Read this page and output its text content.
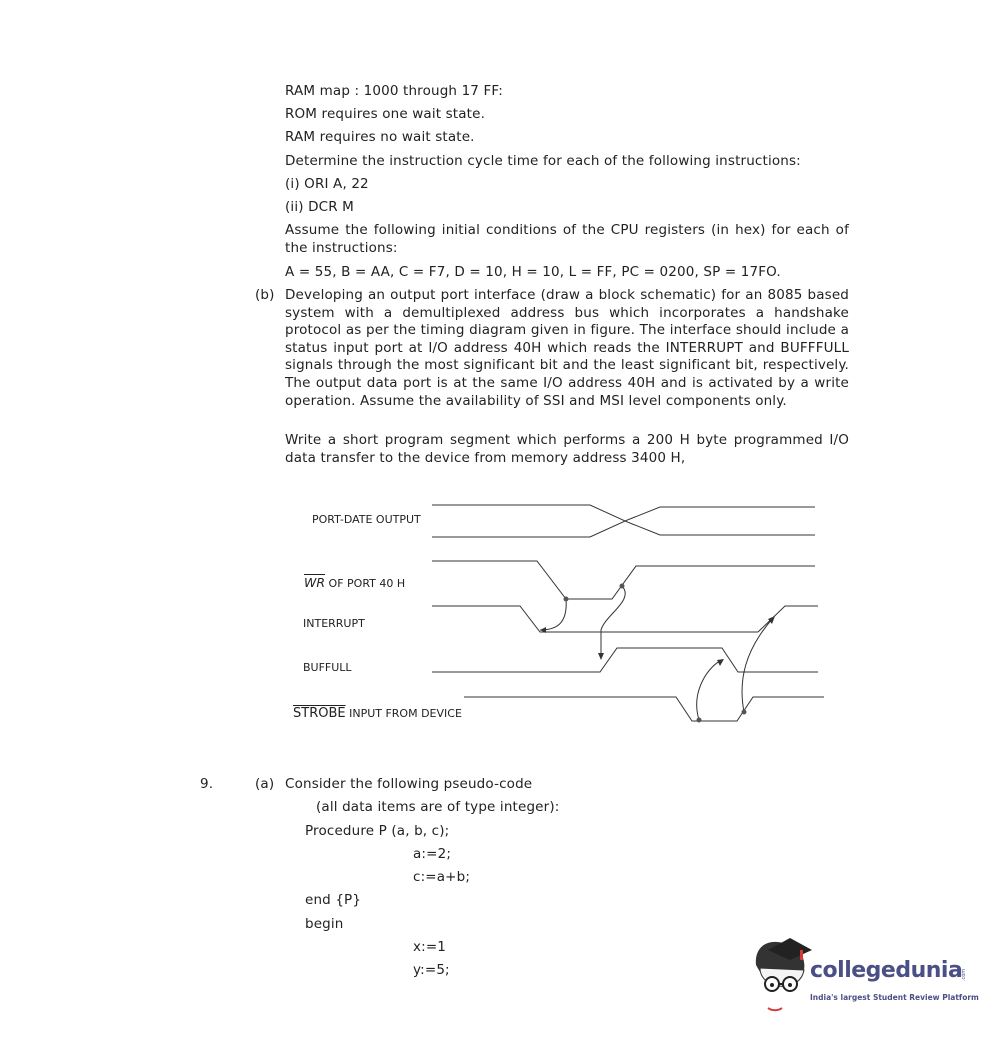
RAM map : 1000 through 17 FF:
ROM requires one wait state.
RAM requires no wait state.
Determine the instruction cycle time for each of the following instructions:
(i) ORI A, 22
(ii) DCR M
Assume the following initial conditions of the CPU registers (in hex) for each of the instructions:
A = 55, B = AA, C = F7, D = 10, H = 10, L = FF, PC = 0200, SP = 17FO.
(b) Developing an output port interface (draw a block schematic) for an 8085 based system with a demultiplexed address bus which incorporates a handshake protocol as per the timing diagram given in figure. The interface should include a status input port at I/O address 40H which reads the INTERRUPT and BUFFFULL signals through the most significant bit and the least significant bit, respectively. The output data port is at the same I/O address 40H and is activated by a write operation. Assume the availability of SSI and MSI level components only.
Write a short program segment which performs a 200 H byte programmed I/O data transfer to the device from memory address 3400 H,
PORT-DATE OUTPUT
$\overline{WR}$ OF PORT 40 H
INTERRUPT
BUFFULL
STROBE INPUT FROM DEVICE
9.	(a) Consider the following pseudo-code
(all data items are of type integer):
Procedure P (a, b, c);
a:=2;
c:=a+b;
end {P}
begin
x:=1
y:=5;	collegedunia
.com
India's largest Student Review Platform
